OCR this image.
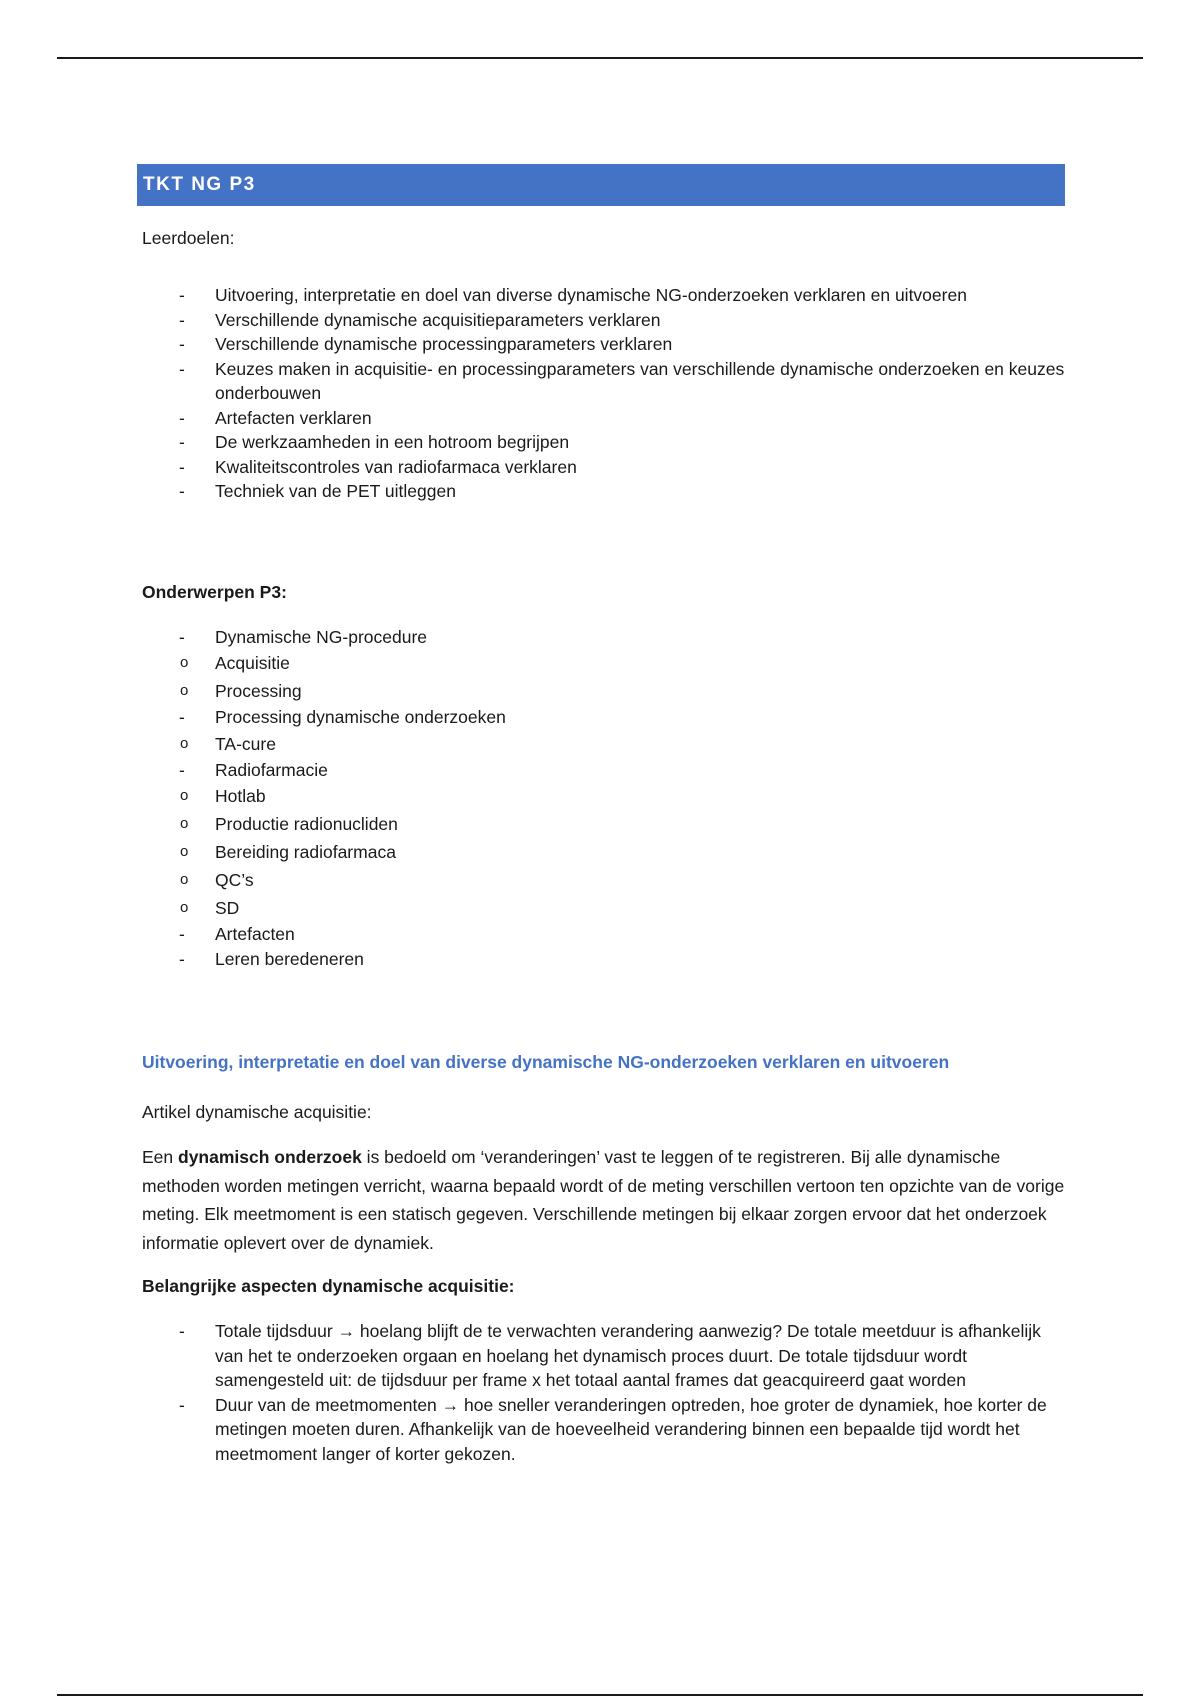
TKT NG P3

Leerdoelen:

- Uitvoering, interpretatie en doel van diverse dynamische NG-onderzoeken verklaren en uitvoeren
- Verschillende dynamische acquisitieparameters verklaren
- Verschillende dynamische processingparameters verklaren
- Keuzes maken in acquisitie- en processingparameters van verschillende dynamische onderzoeken en keuzes onderbouwen
- Artefacten verklaren
- De werkzaamheden in een hotroom begrijpen
- Kwaliteitscontroles van radiofarmaca verklaren
- Techniek van de PET uitleggen

Onderwerpen P3:

- Dynamische NG-procedure
o Acquisitie
o Processing
- Processing dynamische onderzoeken
o TA-cure
- Radiofarmacie
o Hotlab
o Productie radionucliden
o Bereiding radiofarmaca
o QC’s
o SD
- Artefacten
- Leren beredeneren

Uitvoering, interpretatie en doel van diverse dynamische NG-onderzoeken verklaren en uitvoeren

Artikel dynamische acquisitie:

Een dynamisch onderzoek is bedoeld om ‘veranderingen’ vast te leggen of te registreren. Bij alle dynamische methoden worden metingen verricht, waarna bepaald wordt of de meting verschillen vertoon ten opzichte van de vorige meting. Elk meetmoment is een statisch gegeven. Verschillende metingen bij elkaar zorgen ervoor dat het onderzoek informatie oplevert over de dynamiek.

Belangrijke aspecten dynamische acquisitie:

- Totale tijdsduur → hoelang blijft de te verwachten verandering aanwezig? De totale meetduur is afhankelijk van het te onderzoeken orgaan en hoelang het dynamisch proces duurt. De totale tijdsduur wordt samengesteld uit: de tijdsduur per frame x het totaal aantal frames dat geacquireerd gaat worden
- Duur van de meetmomenten → hoe sneller veranderingen optreden, hoe groter de dynamiek, hoe korter de metingen moeten duren. Afhankelijk van de hoeveelheid verandering binnen een bepaalde tijd wordt het meetmoment langer of korter gekozen.
